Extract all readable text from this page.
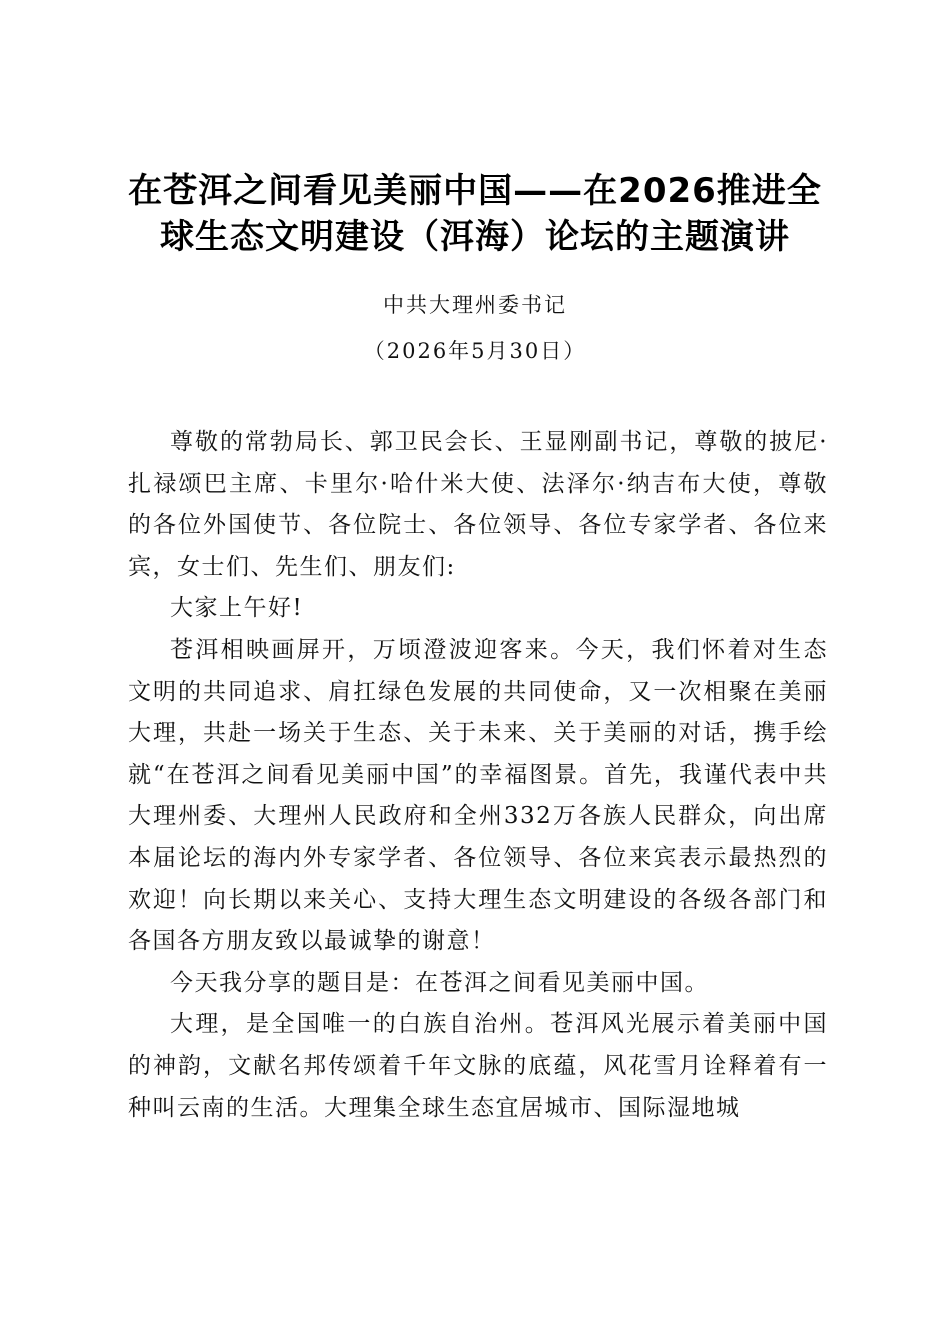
在苍洱之间看见美丽中国——在2026推进全
球生态文明建设（洱海）论坛的主题演讲
中共大理州委书记
（2026年5月30日）

尊敬的常勃局长、郭卫民会长、王显刚副书记，尊敬的披尼·扎禄颂巴主席、卡里尔·哈什米大使、法泽尔·纳吉布大使，尊敬的各位外国使节、各位院士、各位领导、各位专家学者、各位来宾，女士们、先生们、朋友们:

大家上午好!

苍洱相映画屏开，万顷澄波迎客来。今天，我们怀着对生态文明的共同追求、肩扛绿色发展的共同使命，又一次相聚在美丽大理，共赴一场关于生态、关于未来、关于美丽的对话，携手绘就“在苍洱之间看见美丽中国”的幸福图景。首先，我谨代表中共大理州委、大理州人民政府和全州332万各族人民群众，向出席本届论坛的海内外专家学者、各位领导、各位来宾表示最热烈的欢迎！向长期以来关心、支持大理生态文明建设的各级各部门和各国各方朋友致以最诚挚的谢意！

今天我分享的题目是：在苍洱之间看见美丽中国。

大理，是全国唯一的白族自治州。苍洱风光展示着美丽中国的神韵，文献名邦传颂着千年文脉的底蕴，风花雪月诠释着有一种叫云南的生活。大理集全球生态宜居城市、国际湿地城
